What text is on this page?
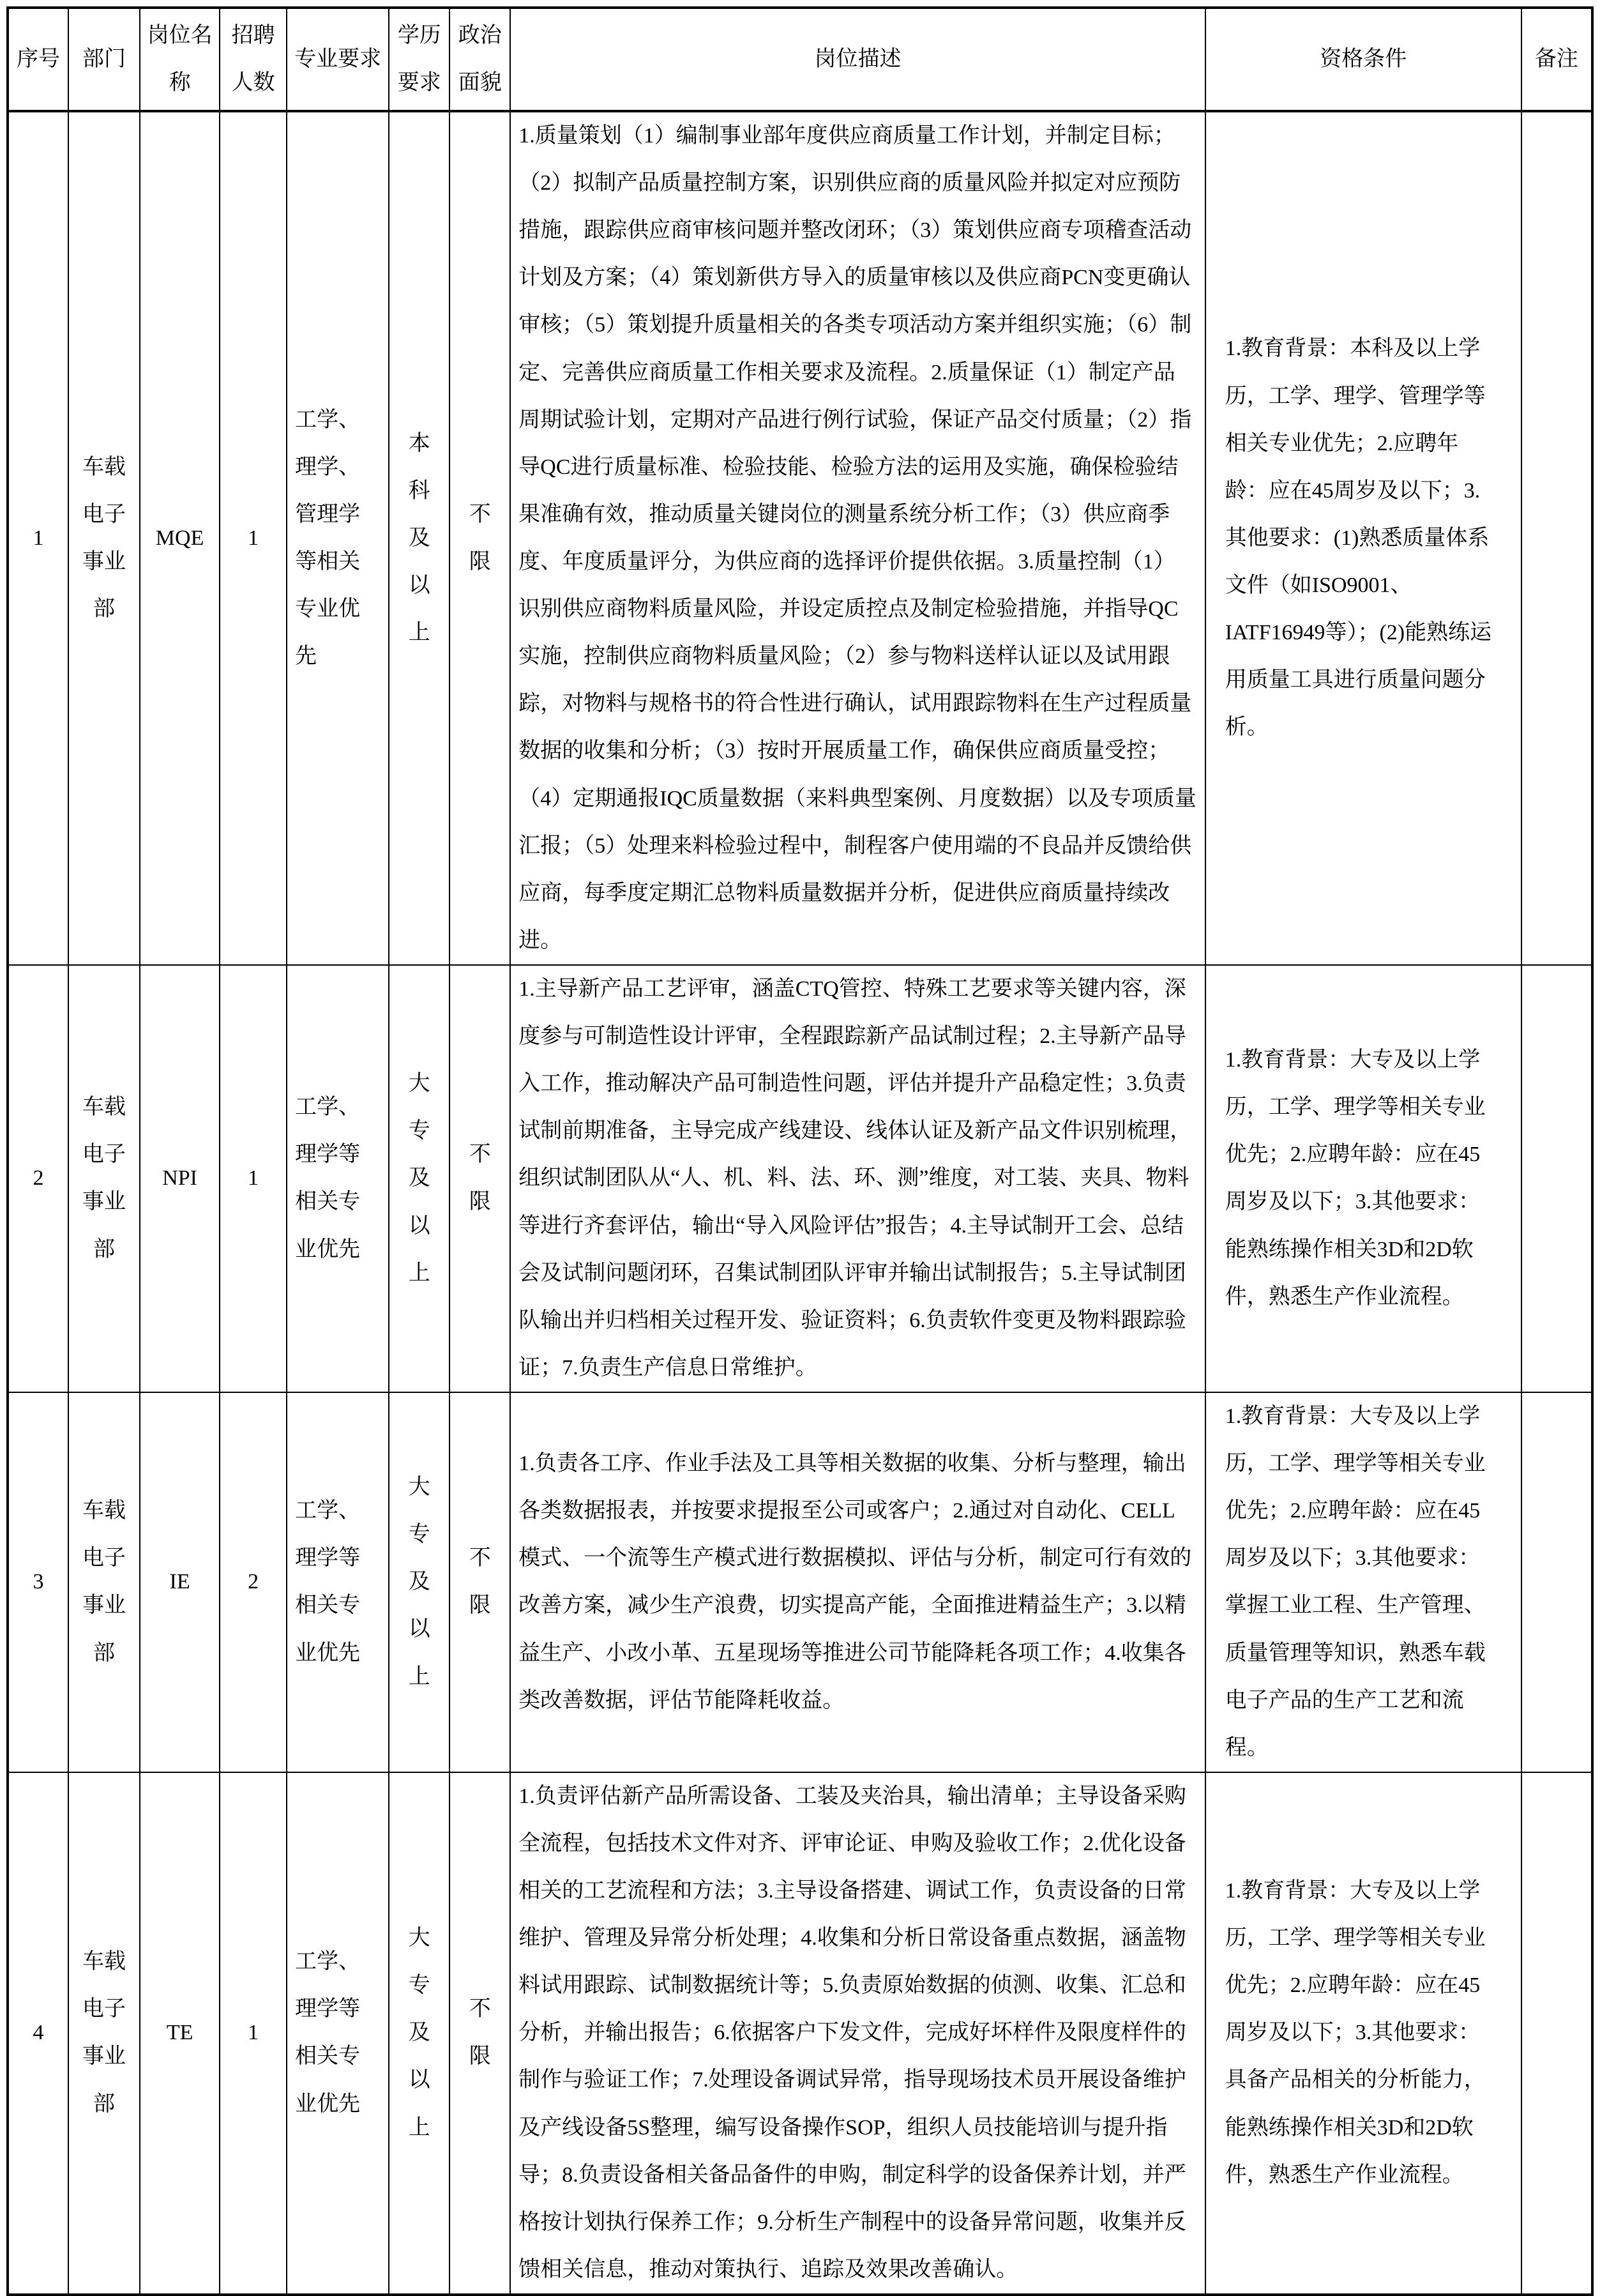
序号	部门	岗位名称	招聘人数	专业要求	学历要求	政治面貌	岗位描述	资格条件	备注
1	车载电子事业部	MQE	1	工学、理学、管理学等相关专业优先	本科及以上	不限	1.质量策划（1）编制事业部年度供应商质量工作计划，并制定目标；（2）拟制产品质量控制方案，识别供应商的质量风险并拟定对应预防措施，跟踪供应商审核问题并整改闭环；（3）策划供应商专项稽查活动计划及方案；（4）策划新供方导入的质量审核以及供应商PCN变更确认审核；（5）策划提升质量相关的各类专项活动方案并组织实施；（6）制定、完善供应商质量工作相关要求及流程。2.质量保证（1）制定产品周期试验计划，定期对产品进行例行试验，保证产品交付质量；（2）指导QC进行质量标准、检验技能、检验方法的运用及实施，确保检验结果准确有效，推动质量关键岗位的测量系统分析工作；（3）供应商季度、年度质量评分，为供应商的选择评价提供依据。3.质量控制（1）识别供应商物料质量风险，并设定质控点及制定检验措施，并指导QC实施，控制供应商物料质量风险；（2）参与物料送样认证以及试用跟踪，对物料与规格书的符合性进行确认，试用跟踪物料在生产过程质量数据的收集和分析；（3）按时开展质量工作，确保供应商质量受控；（4）定期通报IQC质量数据（来料典型案例、月度数据）以及专项质量汇报；（5）处理来料检验过程中，制程客户使用端的不良品并反馈给供应商，每季度定期汇总物料质量数据并分析，促进供应商质量持续改进。	1.教育背景：本科及以上学历，工学、理学、管理学等相关专业优先；2.应聘年龄：应在45周岁及以下；3.其他要求：(1)熟悉质量体系文件（如ISO9001、IATF16949等）；(2)能熟练运用质量工具进行质量问题分析。	
2	车载电子事业部	NPI	1	工学、理学等相关专业优先	大专及以上	不限	1.主导新产品工艺评审，涵盖CTQ管控、特殊工艺要求等关键内容，深度参与可制造性设计评审，全程跟踪新产品试制过程；2.主导新产品导入工作，推动解决产品可制造性问题，评估并提升产品稳定性；3.负责试制前期准备，主导完成产线建设、线体认证及新产品文件识别梳理，组织试制团队从“人、机、料、法、环、测”维度，对工装、夹具、物料等进行齐套评估，输出“导入风险评估”报告；4.主导试制开工会、总结会及试制问题闭环，召集试制团队评审并输出试制报告；5.主导试制团队输出并归档相关过程开发、验证资料；6.负责软件变更及物料跟踪验证；7.负责生产信息日常维护。	1.教育背景：大专及以上学历，工学、理学等相关专业优先；2.应聘年龄：应在45周岁及以下；3.其他要求：能熟练操作相关3D和2D软件，熟悉生产作业流程。	
3	车载电子事业部	IE	2	工学、理学等相关专业优先	大专及以上	不限	1.负责各工序、作业手法及工具等相关数据的收集、分析与整理，输出各类数据报表，并按要求提报至公司或客户；2.通过对自动化、CELL模式、一个流等生产模式进行数据模拟、评估与分析，制定可行有效的改善方案，减少生产浪费，切实提高产能，全面推进精益生产；3.以精益生产、小改小革、五星现场等推进公司节能降耗各项工作；4.收集各类改善数据，评估节能降耗收益。	1.教育背景：大专及以上学历，工学、理学等相关专业优先；2.应聘年龄：应在45周岁及以下；3.其他要求：掌握工业工程、生产管理、质量管理等知识，熟悉车载电子产品的生产工艺和流程。	
4	车载电子事业部	TE	1	工学、理学等相关专业优先	大专及以上	不限	1.负责评估新产品所需设备、工装及夹治具，输出清单；主导设备采购全流程，包括技术文件对齐、评审论证、申购及验收工作；2.优化设备相关的工艺流程和方法；3.主导设备搭建、调试工作，负责设备的日常维护、管理及异常分析处理；4.收集和分析日常设备重点数据，涵盖物料试用跟踪、试制数据统计等；5.负责原始数据的侦测、收集、汇总和分析，并输出报告；6.依据客户下发文件，完成好坏样件及限度样件的制作与验证工作；7.处理设备调试异常，指导现场技术员开展设备维护及产线设备5S整理，编写设备操作SOP，组织人员技能培训与提升指导；8.负责设备相关备品备件的申购，制定科学的设备保养计划，并严格按计划执行保养工作；9.分析生产制程中的设备异常问题，收集并反馈相关信息，推动对策执行、追踪及效果改善确认。	1.教育背景：大专及以上学历，工学、理学等相关专业优先；2.应聘年龄：应在45周岁及以下；3.其他要求：具备产品相关的分析能力，能熟练操作相关3D和2D软件，熟悉生产作业流程。	
